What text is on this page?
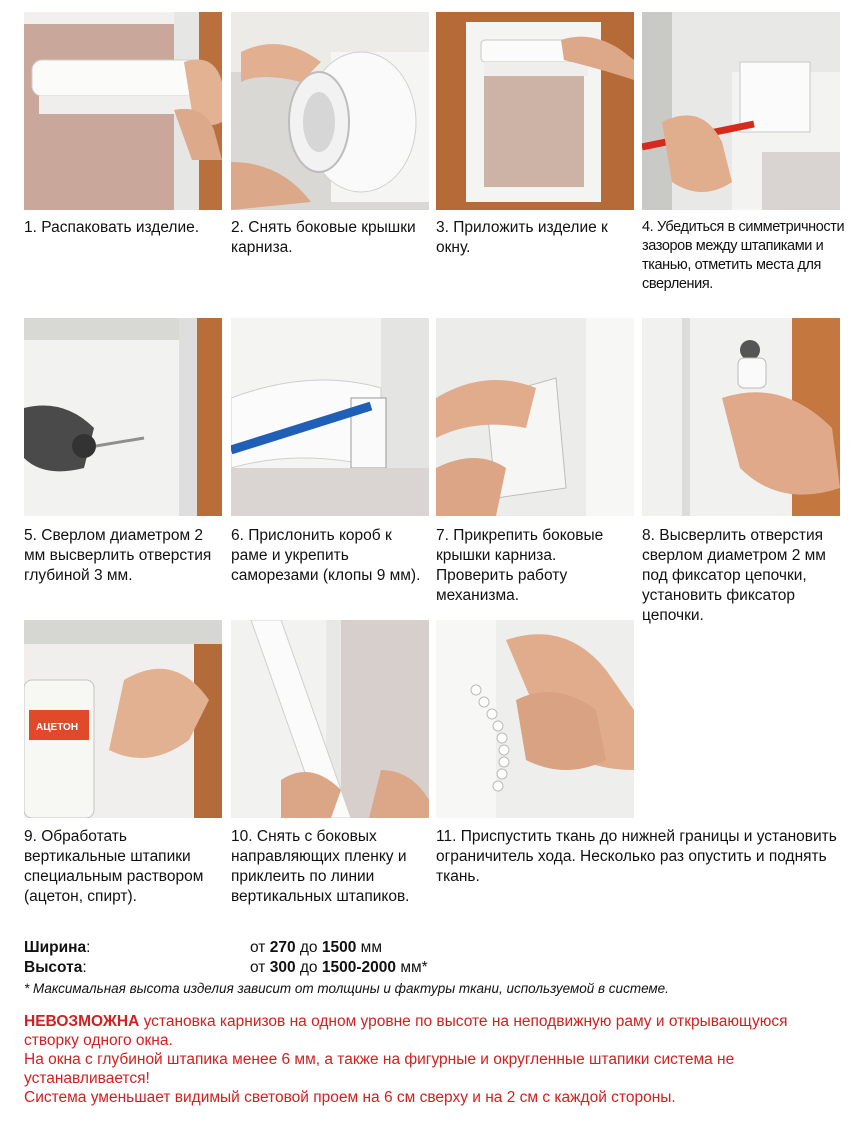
1. Распаковать изделие.	2. Снять боковые крышки карниза.
3. Приложить изделие к окну.
4. Убедиться в симметричности зазоров между штапиками и тканью, отметить места для сверления.
5. Сверлом диаметром 2 мм высверлить отверстия глубиной 3 мм.
6. Прислонить короб к раме и укрепить саморезами (клопы 9 мм).
7. Прикрепить боковые крышки карниза. Проверить работу механизма.
8. Высверлить отверстия сверлом диаметром 2 мм под фиксатор цепочки, установить фиксатор цепочки.
АЦЕТОН
9. Обработать вертикальные штапики специальным раствором (ацетон, спирт).
10. Снять с боковых направляющих пленку и приклеить по линии вертикальных штапиков.
11. Приспустить ткань до нижней границы и установить ограничитель хода. Несколько раз опустить и поднять ткань.
Ширина:	от 270 до 1500 мм
Высота:	от 300 до 1500-2000 мм*
* Максимальная высота изделия зависит от толщины и фактуры ткани, используемой в системе.
НЕВОЗМОЖНА установка карнизов на одном уровне по высоте на неподвижную раму и открывающуюся створку одного окна.
На окна с глубиной штапика менее 6 мм, а также на фигурные и округленные штапики система не устанавливается!
Система уменьшает видимый световой проем на 6 см сверху и на 2 см с каждой стороны.
